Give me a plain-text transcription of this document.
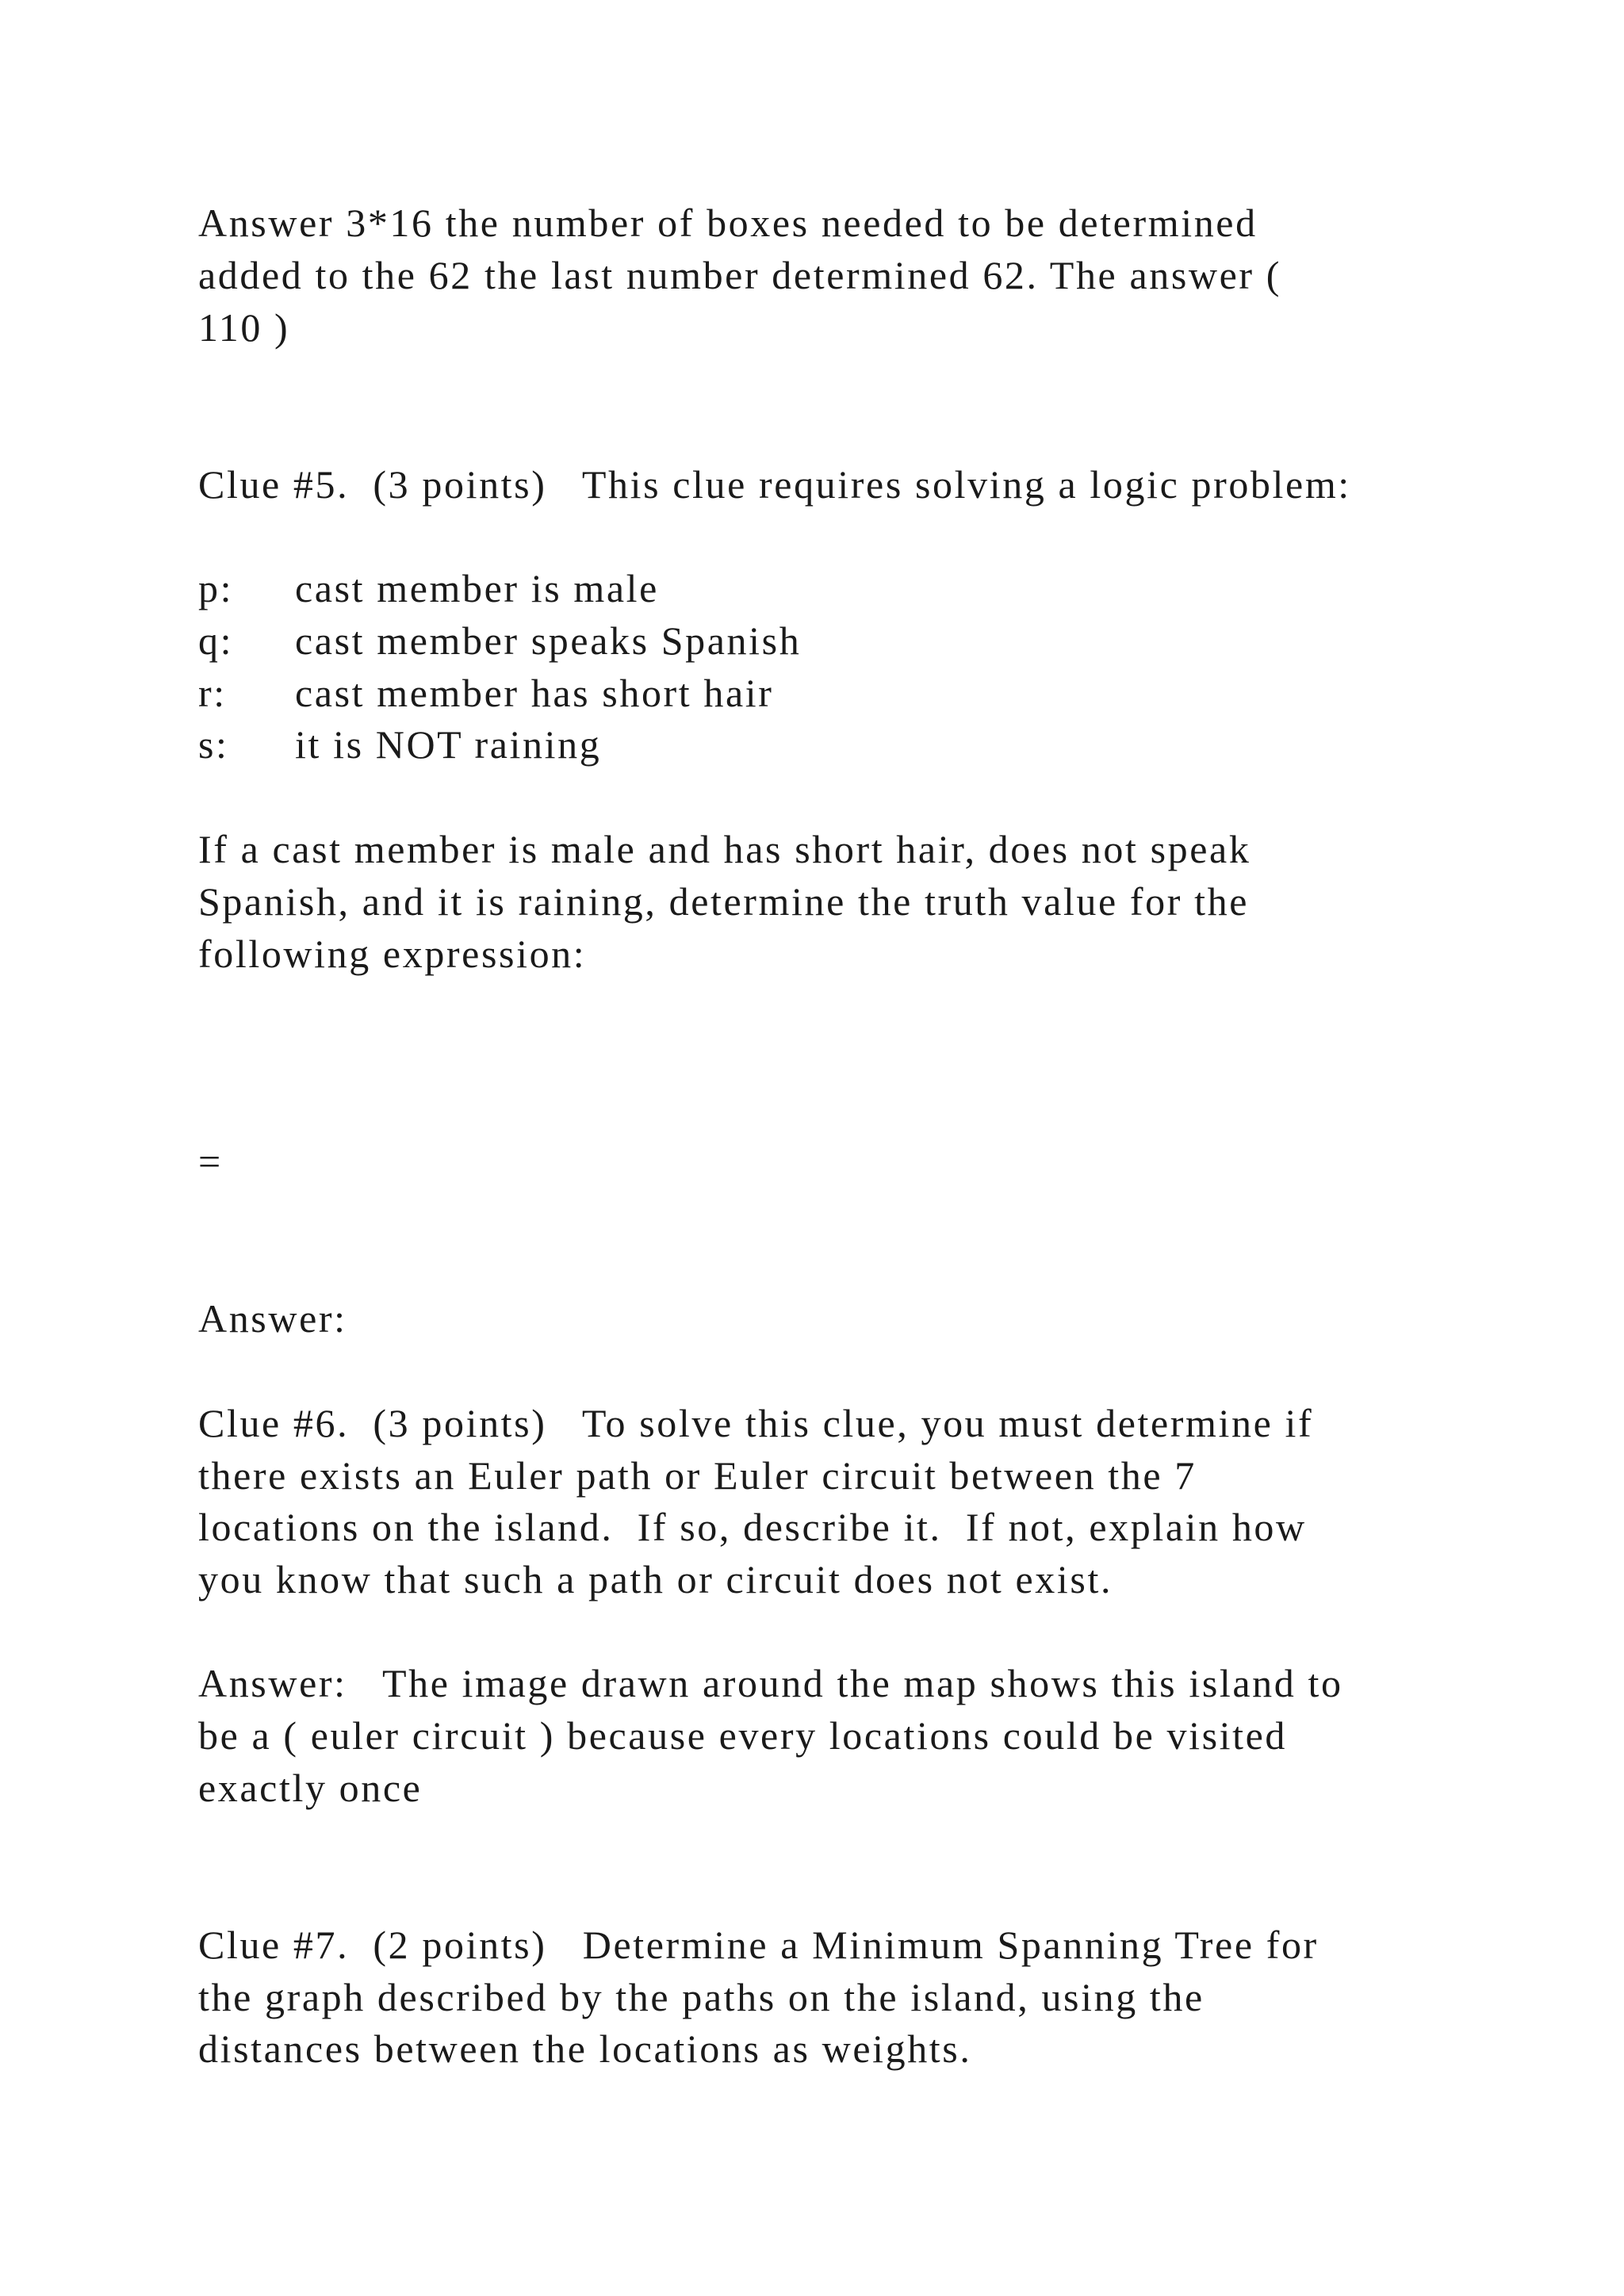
Answer 3*16 the number of boxes needed to be determined
added to the 62 the last number determined 62. The answer (
110 )
Clue #5.  (3 points)   This clue requires solving a logic problem:
p: cast member is male
q: cast member speaks Spanish
r: cast member has short hair
s: it is NOT raining
If a cast member is male and has short hair, does not speak
Spanish, and it is raining, determine the truth value for the
following expression:
=
Answer:
Clue #6.  (3 points)   To solve this clue, you must determine if
there exists an Euler path or Euler circuit between the 7
locations on the island.  If so, describe it.  If not, explain how
you know that such a path or circuit does not exist.
Answer:   The image drawn around the map shows this island to
be a ( euler circuit ) because every locations could be visited
exactly once
Clue #7.  (2 points)   Determine a Minimum Spanning Tree for
the graph described by the paths on the island, using the
distances between the locations as weights.
